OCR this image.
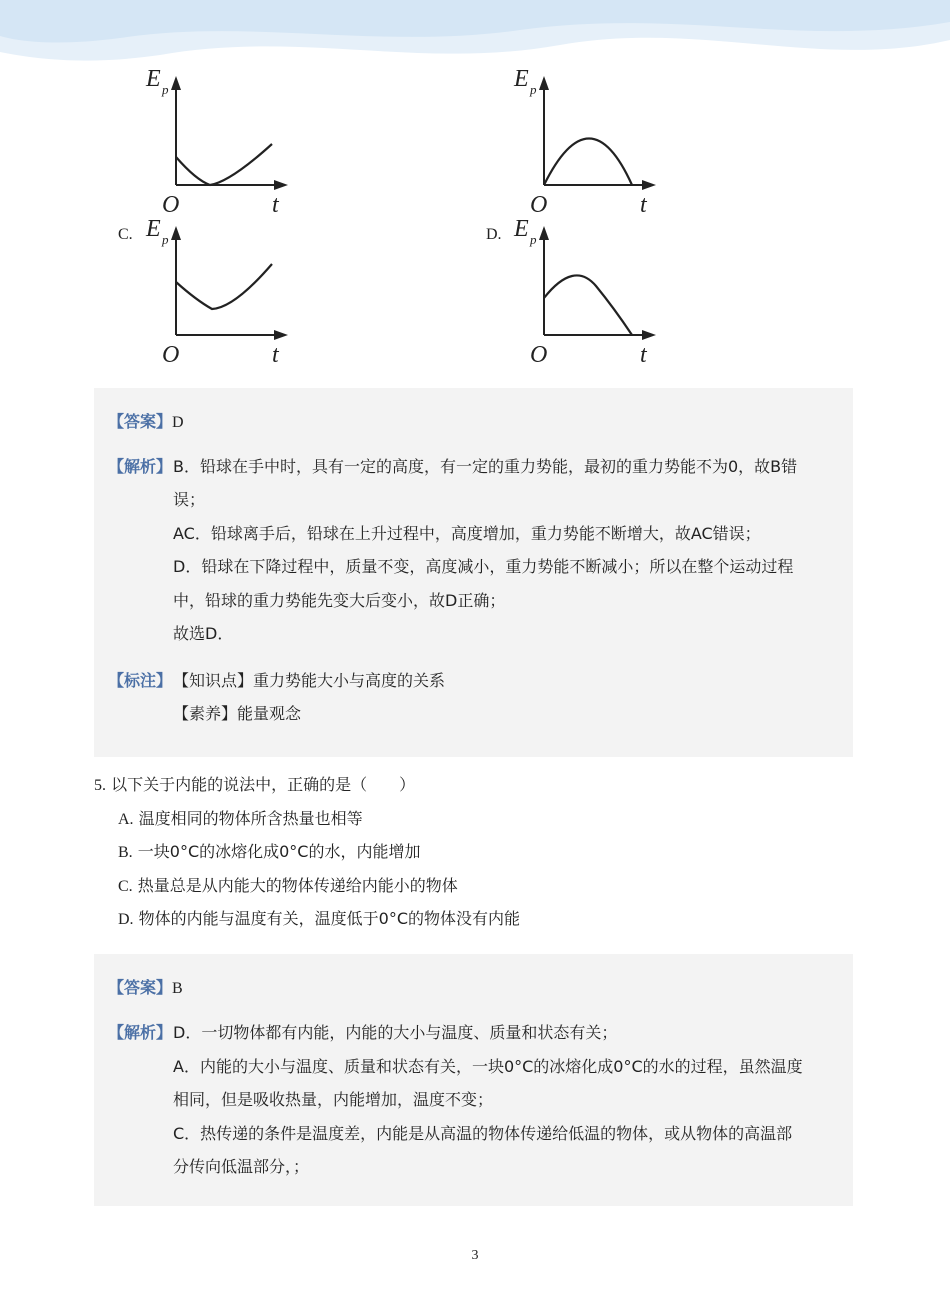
E p
O	t
E p
O	t
C. E p
O	t
D. E p
O	t
【答案】D
【解析】 B．铅球在手中时，具有一定的高度，有一定的重力势能，最初的重力势能不为0，故B错
误；
AC．铅球离手后，铅球在上升过程中，高度增加，重力势能不断增大，故AC错误；
D．铅球在下降过程中，质量不变，高度减小，重力势能不断减小；所以在整个运动过程
中，铅球的重力势能先变大后变小，故D正确；
故选D．
【标注】 【知识点】重力势能大小与高度的关系
【素养】能量观念
5. 以下关于内能的说法中，正确的是（　　）
A. 温度相同的物体所含热量也相等
B. 一块0°C的冰熔化成0°C的水，内能增加
C. 热量总是从内能大的物体传递给内能小的物体
D. 物体的内能与温度有关，温度低于0°C的物体没有内能
【答案】B
【解析】 D．一切物体都有内能，内能的大小与温度、质量和状态有关；
A．内能的大小与温度、质量和状态有关，一块0°C的冰熔化成0°C的水的过程，虽然温度
相同，但是吸收热量，内能增加，温度不变；
C．热传递的条件是温度差，内能是从高温的物体传递给低温的物体，或从物体的高温部
分传向低温部分，；
3
